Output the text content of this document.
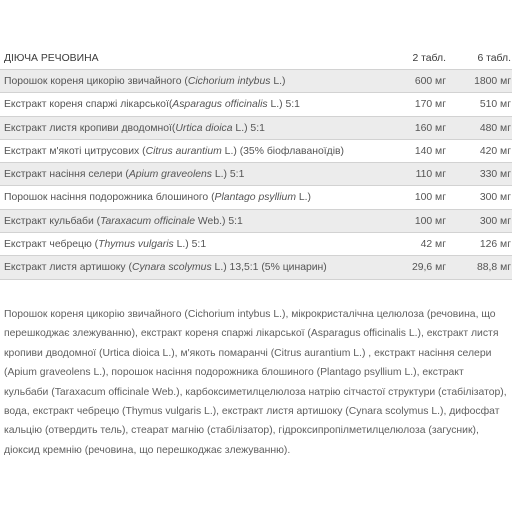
ДІЮЧА РЕЧОВИНА	2 табл.	6 табл.
Порошок кореня цикорію звичайного (Cichorium intybus L.)	600 мг	1800 мг
Екстракт кореня спаржі лікарської(Asparagus officinalis L.) 5:1	170 мг	510 мг
Екстракт листя кропиви дводомної(Urtica dioica L.) 5:1	160 мг	480 мг
Екстракт м'якоті цитрусових (Citrus aurantium L.) (35% біофлаваноїдів)	140 мг	420 мг
Екстракт насіння селери (Apium graveolens L.) 5:1	110 мг	330 мг
Порошок насіння подорожника блошиного (Plantago psyllium L.)	100 мг	300 мг
Екстракт кульбаби (Taraxacum officinale Web.) 5:1	100 мг	300 мг
Екстракт чебрецю (Thymus vulgaris L.) 5:1	42 мг	126 мг
Екстракт листя артишоку (Cynara scolymus L.) 13,5:1 (5% цинарин)	29,6 мг	88,8 мг

Порошок кореня цикорію звичайного (Cichorium intybus L.), мікрокристалічна целюлоза (речовина, що перешкоджає злежуванню), екстракт кореня спаржі лікарської (Asparagus officinalis L.), екстракт листя кропиви дводомної (Urtica dioica L.), м'якоть помаранчі (Citrus aurantium L.) , екстракт насіння селери (Apium graveolens L.), порошок насіння подорожника блошиного (Plantago psyllium L.), екстракт кульбаби (Taraxacum officinale Web.), карбоксиметилцелюлоза натрію сітчастої структури (стабілізатор), вода, екстракт чебрецю (Thymus vulgaris L.), екстракт листя артишоку (Cynara scolymus L.), дифосфат кальцію (отвердить тель), стеарат магнію (стабілізатор), гідроксипропілметилцелюлоза (загусник), діоксид кремнію (речовина, що перешкоджає злежуванню).
